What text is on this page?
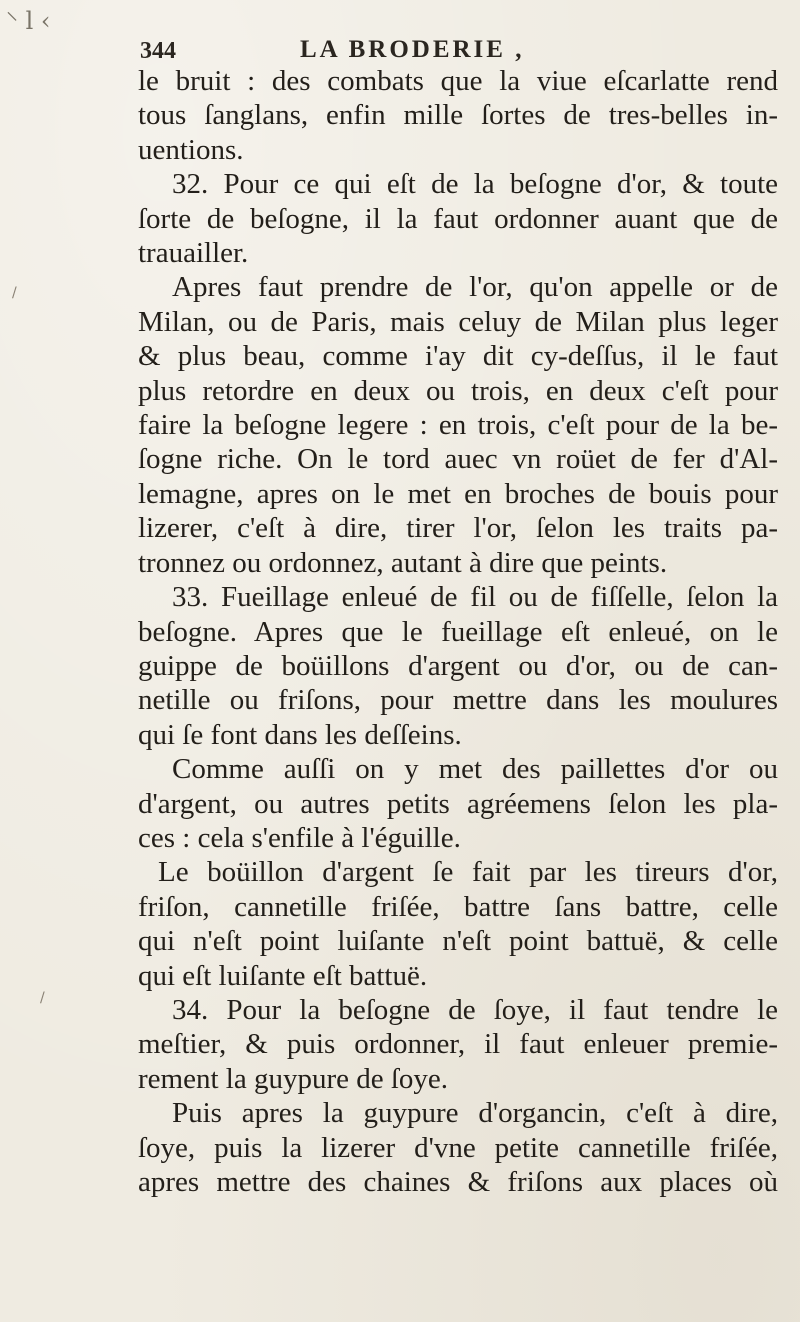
⸌ l ‹
344	LA BRODERIE ,
le bruit : des combats que la viue eſcarlatte rend
tous ſanglans, enfin mille ſortes de tres-belles in-
uentions.
32. Pour ce qui eſt de la beſogne d'or, & toute
ſorte de beſogne, il la faut ordonner auant que de
trauailler.
Apres faut prendre de l'or, qu'on appelle or de
Milan, ou de Paris, mais celuy de Milan plus leger
& plus beau, comme i'ay dit cy-deſſus, il le faut
plus retordre en deux ou trois, en deux c'eſt pour
faire la beſogne legere : en trois, c'eſt pour de la be-
ſogne riche. On le tord auec vn roüet de fer d'Al-
lemagne, apres on le met en broches de bouis pour
lizerer, c'eſt à dire, tirer l'or, ſelon les traits pa-
tronnez ou ordonnez, autant à dire que peints.
33. Fueillage enleué de fil ou de fiſſelle, ſelon la
beſogne. Apres que le fueillage eſt enleué, on le
guippe de boüillons d'argent ou d'or, ou de can-
netille ou friſons, pour mettre dans les moulures
qui ſe font dans les deſſeins.
Comme auſſi on y met des paillettes d'or ou
d'argent, ou autres petits agréemens ſelon les pla-
ces : cela s'enfile à l'éguille.
Le boüillon d'argent ſe fait par les tireurs d'or,
friſon, cannetille friſée, battre ſans battre, celle
qui n'eſt point luiſante n'eſt point battuë, & celle
qui eſt luiſante eſt battuë.
34. Pour la beſogne de ſoye, il faut tendre le
meſtier, & puis ordonner, il faut enleuer premie-
rement la guypure de ſoye.
Puis apres la guypure d'organcin, c'eſt à dire,
ſoye, puis la lizerer d'vne petite cannetille friſée,
apres mettre des chaines & friſons aux places où
/
/
